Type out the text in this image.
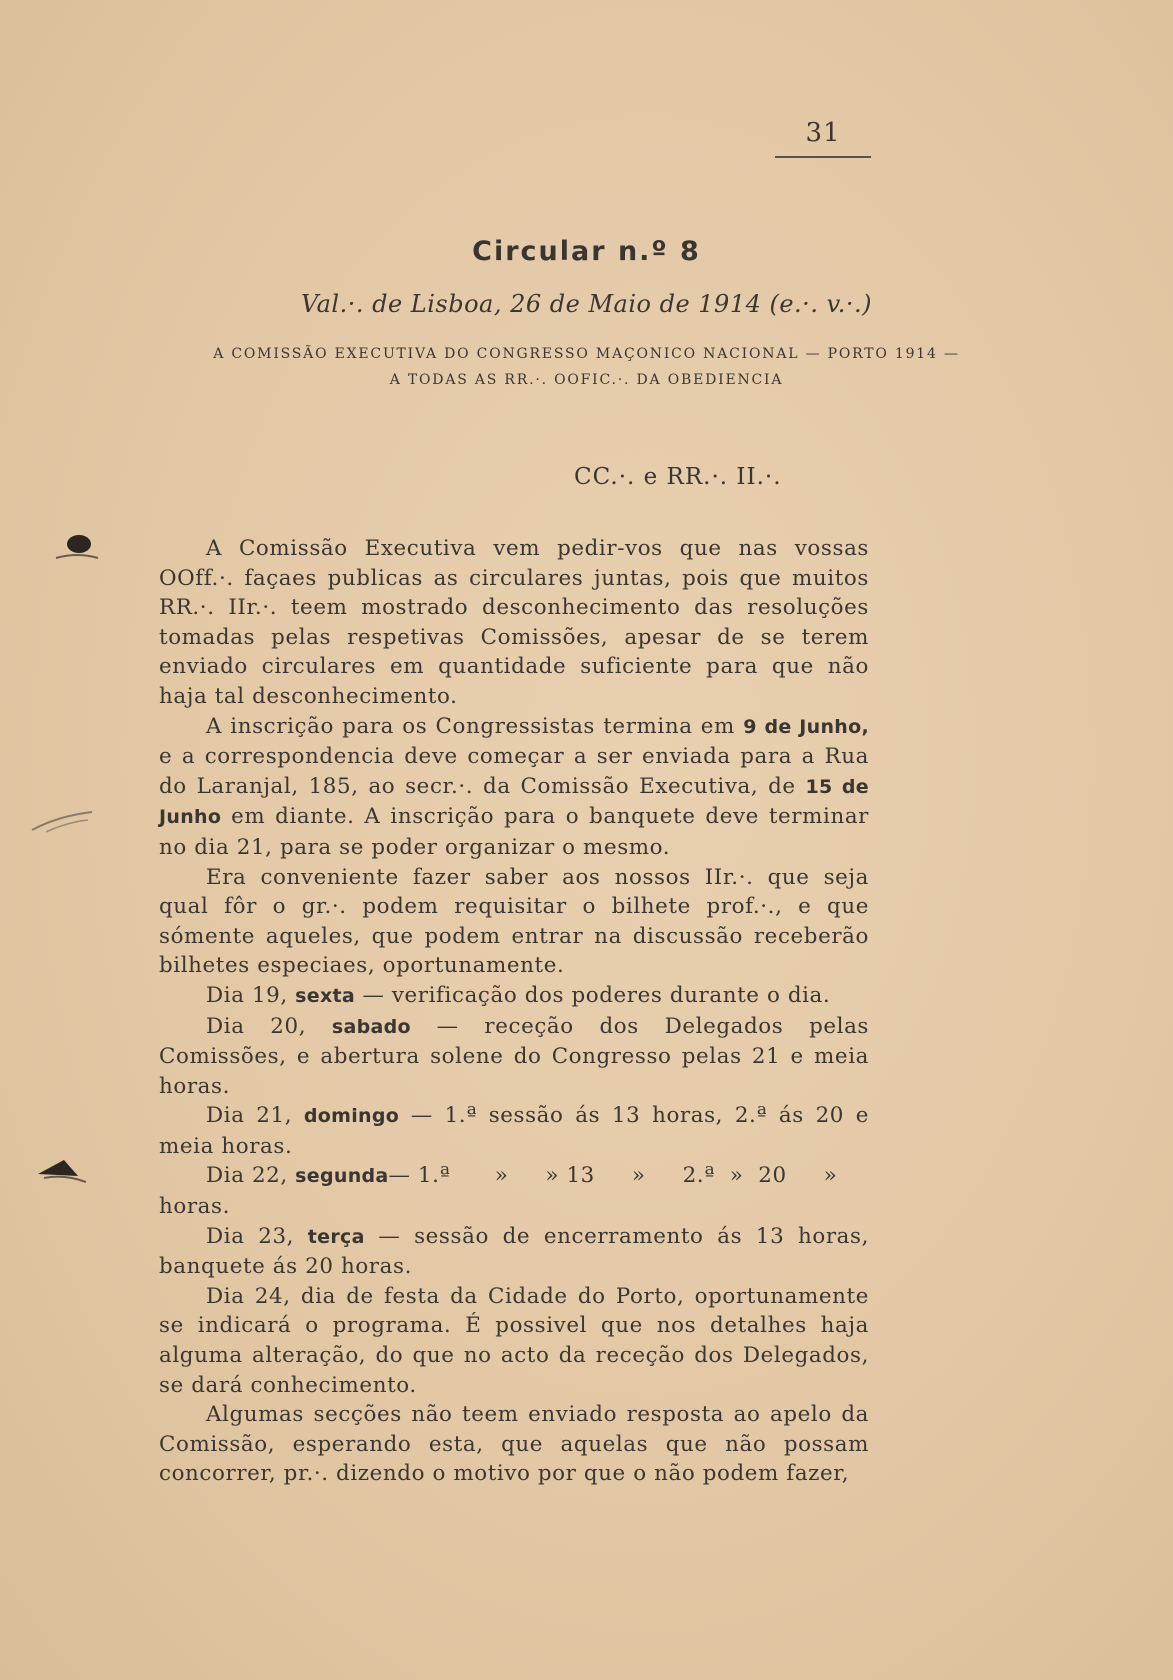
31
Circular n.º 8
Val.·. de Lisboa, 26 de Maio de 1914 (e.·. v.·.)
A COMISSÃO EXECUTIVA DO CONGRESSO MAÇONICO NACIONAL — PORTO 1914 —
A TODAS AS RR.·. OOFIC.·. DA OBEDIENCIA
CC.·. e RR.·. II.·.

A Comissão Executiva vem pedir-vos que nas vossas OOff.·. façaes publicas as circulares juntas, pois que muitos RR.·. IIr.·. teem mostrado desconhecimento das resoluções tomadas pelas respetivas Comissões, apesar de se terem enviado circulares em quantidade suficiente para que não haja tal desconhecimento.

A inscrição para os Congressistas termina em 9 de Junho, e a correspondencia deve começar a ser enviada para a Rua do Laranjal, 185, ao secr.·. da Comissão Executiva, de 15 de Junho em diante. A inscrição para o banquete deve terminar no dia 21, para se poder organizar o mesmo.

Era conveniente fazer saber aos nossos IIr.·. que seja qual fôr o gr.·. podem requisitar o bilhete prof.·., e que sómente aqueles, que podem entrar na discussão receberão bilhetes especiaes, oportunamente.

Dia 19, sexta — verificação dos poderes durante o dia.

Dia 20, sabado — receção dos Delegados pelas Comissões, e abertura solene do Congresso pelas 21 e meia horas.

Dia 21, domingo — 1.ª sessão ás 13 horas, 2.ª ás 20 e meia horas.

Dia 22, segunda— 1.ª      »     » 13     »     2.ª  »  20     »

horas.

Dia 23, terça — sessão de encerramento ás 13 horas, banquete ás 20 horas.

Dia 24, dia de festa da Cidade do Porto, oportunamente se indicará o programa. É possivel que nos detalhes haja alguma alteração, do que no acto da receção dos Delegados, se dará conhecimento.

Algumas secções não teem enviado resposta ao apelo da Comissão, esperando esta, que aquelas que não possam concorrer, pr.·. dizendo o motivo por que o não podem fazer,
